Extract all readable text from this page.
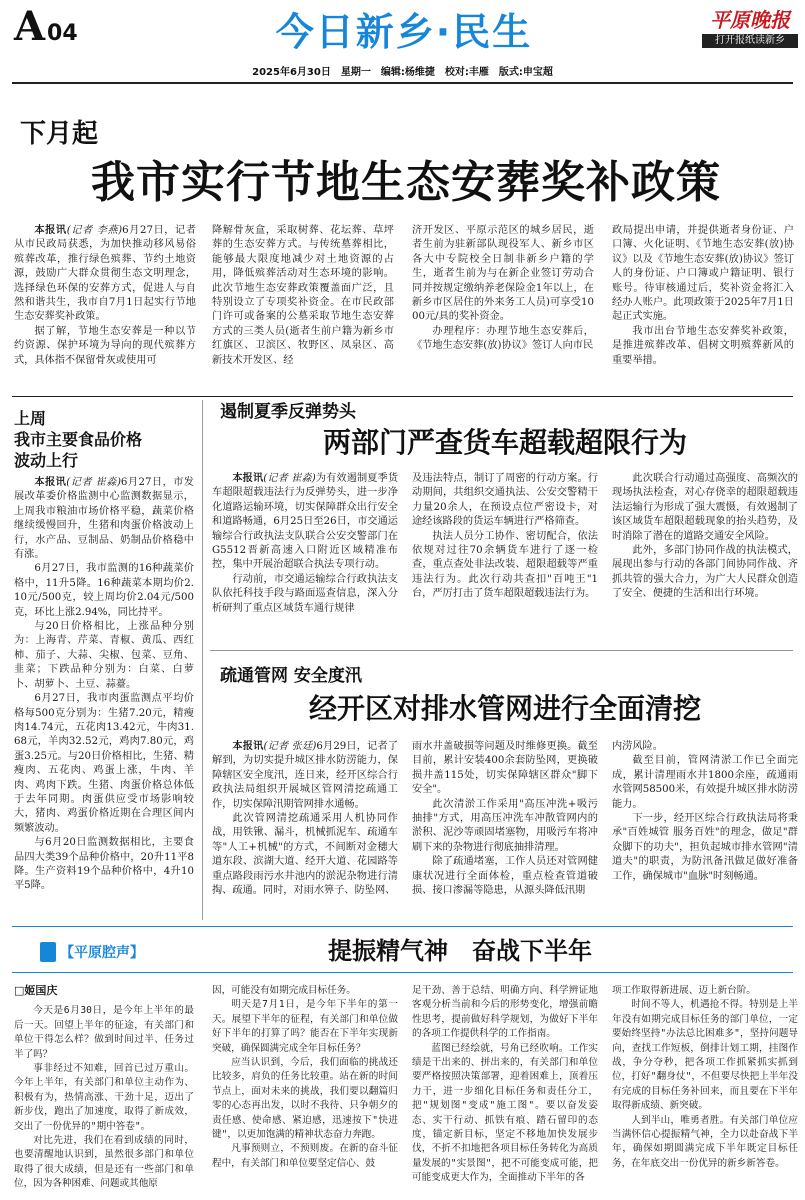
A 04	今日新乡·民生	平原晚报
打开报纸读新乡
2025年6月30日　星期一　编辑:杨维捷　校对:丰雁　版式:申宝超
下月起
我市实行节地生态安葬奖补政策

本报讯(记者 李燕)6月27日，记者从市民政局获悉，为加快推动移风易俗殡葬改革，推行绿色殡葬、节约土地资源，鼓励广大群众贯彻生态文明理念，选择绿色环保的安葬方式，促进人与自然和谐共生，我市自7月1日起实行节地生态安葬奖补政策。

据了解，节地生态安葬是一种以节约资源、保护环境为导向的现代殡葬方式，具体指不保留骨灰或使用可

降解骨灰盒，采取树葬、花坛葬、草坪葬的生态安葬方式。与传统墓葬相比，能够最大限度地减少对土地资源的占用，降低殡葬活动对生态环境的影响。此次节地生态安葬政策覆盖面广泛，且特别设立了专项奖补资金。在市民政部门许可或备案的公墓采取节地生态安葬方式的三类人员(逝者生前户籍为新乡市红旗区、卫滨区、牧野区、凤泉区、高新技术开发区、经

济开发区、平原示范区的城乡居民，逝者生前为驻新部队现役军人、新乡市区各大中专院校全日制非新乡户籍的学生，逝者生前为与在新企业签订劳动合同并按规定缴纳养老保险金1年以上，在新乡市区居住的外来务工人员)可享受1000元/具的奖补资金。

办理程序：办理节地生态安葬后，《节地生态安葬(放)协议》签订人向市民

政局提出申请，并提供逝者身份证、户口簿、火化证明、《节地生态安葬(放)协议》以及《节地生态安葬(放)协议》签订人的身份证、户口簿或户籍证明、银行账号。待审核通过后，奖补资金将汇入经办人账户。此项政策于2025年7月1日起正式实施。

我市出台节地生态安葬奖补政策，是推进殡葬改革、倡树文明殡葬新风的重要举措。

上周
我市主要食品价格
波动上行

本报讯(记者 崔淼)6月27日，市发展改革委价格监测中心监测数据显示，上周我市粮油市场价格平稳，蔬菜价格继续缓慢回升，生猪和肉蛋价格波动上行，水产品、豆制品、奶制品价格稳中有涨。

6月27日，我市监测的16种蔬菜价格中，11升5降。16种蔬菜本期均价2.10元/500克，较上周均价2.04元/500克，环比上涨2.94%，同比持平。

与20日价格相比，上涨品种分别为：上海青、芹菜、青椒、黄瓜、西红柿、茄子、大蒜、尖椒、包菜、豆角、韭菜；下跌品种分别为：白菜、白萝卜、胡萝卜、土豆、蒜薹。

6月27日，我市肉蛋监测点平均价格每500克分别为：生猪7.20元，精瘦肉14.74元，五花肉13.42元，牛肉31.68元，羊肉32.52元，鸡肉7.80元，鸡蛋3.25元。与20日价格相比，生猪、精瘦肉、五花肉、鸡蛋上涨，牛肉、羊肉、鸡肉下跌。生猪、肉蛋价格总体低于去年同期。肉蛋供应受市场影响较大，猪肉、鸡蛋价格近期在合理区间内频繁波动。

与6月20日监测数据相比，主要食品四大类39个品种价格中，20升11平8降。生产资料19个品种价格中，4升10平5降。

遏制夏季反弹势头
两部门严查货车超载超限行为

本报讯(记者 崔淼)为有效遏制夏季货车超限超载违法行为反弹势头，进一步净化道路运输环境，切实保障群众出行安全和道路畅通，6月25日至26日，市交通运输综合行政执法支队联合公安交警部门在G5512晋新高速入口附近区域精准布控，集中开展治超联合执法专项行动。

行动前，市交通运输综合行政执法支队依托科技手段与路面巡查信息，深入分析研判了重点区域货车通行规律

及违法特点，制订了周密的行动方案。行动期间，共组织交通执法、公安交警精干力量20余人，在预设点位严密设卡，对途经该路段的货运车辆进行严格筛查。

执法人员分工协作、密切配合，依法依规对过往70余辆货车进行了逐一检查，重点查处非法改装、超限超载等严重违法行为。此次行动共查扣"百吨王"1台，严厉打击了货车超限超载违法行为。

此次联合行动通过高强度、高频次的现场执法检查，对心存侥幸的超限超载违法运输行为形成了强大震慑，有效遏制了该区域货车超限超载现象的抬头趋势，及时消除了潜在的道路交通安全风险。

此外，多部门协同作战的执法模式，展现出参与行动的各部门间协同作战、齐抓共管的强大合力，为广大人民群众创造了安全、便捷的生活和出行环境。

疏通管网 安全度汛
经开区对排水管网进行全面清挖

本报讯(记者 张廷)6月29日，记者了解到，为切实提升城区排水防涝能力，保障辖区安全度汛，连日来，经开区综合行政执法局组织开展城区管网清挖疏通工作，切实保障汛期管网排水通畅。

此次管网清挖疏通采用人机协同作战，用铁锹、漏斗，机械抓泥车、疏通车等"人工+机械"的方式，不间断对金穗大道东段、滨湖大道、经开大道、花园路等重点路段雨污水井池内的淤泥杂物进行清掏、疏通。同时，对雨水箅子、防坠网、

雨水井盖破损等问题及时维修更换。截至目前，累计安装400余套防坠网，更换破损井盖115处，切实保障辖区群众"脚下安全"。

此次清淤工作采用"高压冲洗+吸污抽排"方式，用高压冲洗车冲散管网内的淤积、泥沙等顽固堵塞物，用吸污车将冲刷下来的杂物进行彻底抽排清理。

除了疏通堵塞，工作人员还对管网健康状况进行全面体检，重点检查管道破损、接口渗漏等隐患，从源头降低汛期

内涝风险。

截至目前，管网清淤工作已全面完成，累计清理雨水井1800余座，疏通雨水管网58500米，有效提升城区排水防涝能力。

下一步，经开区综合行政执法局将秉承"百姓城管 服务百姓"的理念，做足"群众脚下的功夫"，担负起城市排水管网"清道夫"的职责，为防汛备汛做足做好准备工作，确保城市"血脉"时刻畅通。

【平原腔声】	提振精气神　奋战下半年
□姬国庆

今天是6月30日，是今年上半年的最后一天。回望上半年的征途，有关部门和单位干得怎么样？做到时间过半、任务过半了吗？

事非经过不知难，回首已过万重山。今年上半年，有关部门和单位主动作为、积极有为，热情高涨、干劲十足，迈出了新步伐，跑出了加速度，取得了新成效，交出了一份优异的"期中答卷"。

对比先进，我们在看到成绩的同时，也要清醒地认识到，虽然很多部门和单位取得了很大成绩，但是还有一些部门和单位，因为各种困难、问题或其他原

因，可能没有如期完成目标任务。

明天是7月1日，是今年下半年的第一天。展望下半年的征程，有关部门和单位做好下半年的打算了吗？能否在下半年实现新突破，确保圆满完成全年目标任务？

应当认识到，今后，我们面临的挑战还比较多，肩负的任务比较重。站在新的时间节点上，面对未来的挑战，我们要以翻篇归零的心态再出发，以时不我待、只争朝夕的责任感、使命感、紧迫感，迅速按下"快进键"，以更加饱满的精神状态奋力奔跑。

凡事预则立，不预则废。在新的奋斗征程中，有关部门和单位要坚定信心、鼓

足干劲、善于总结、明确方向、科学辨证地客观分析当前和今后的形势变化，增强前瞻性思考，提前做好科学规划，为做好下半年的各项工作提供科学的工作指南。

蓝图已经绘就，号角已经吹响。工作实绩是干出来的、拼出来的，有关部门和单位要严格按照决策部署，迎着困难上，顶着压力干，进一步细化目标任务和责任分工，把"规划图"变成"施工图"。要以奋发姿态、实干行动、抓铁有痕、踏石留印的态度，锚定新目标，坚定不移地加快发展步伐，不折不扣地把各项目标任务转化为高质量发展的"实景图"，把不可能变成可能，把可能变成更大作为，全面推动下半年的各

项工作取得新进展、迈上新台阶。

时间不等人，机遇抢不得。特别是上半年没有如期完成目标任务的部门单位，一定要始终坚持"办法总比困难多"，坚持问题导向，查找工作短板，倒排计划工期，挂图作战，争分夺秒，把各项工作抓紧抓实抓到位，打好"翻身仗"，不但要尽快把上半年没有完成的目标任务补回来，而且要在下半年取得新成绩、新突破。

人到半山，唯勇者胜。有关部门单位应当满怀信心提振精气神，全力以赴奋战下半年，确保如期圆满完成下半年既定目标任务，在年底交出一份优异的新乡新答卷。
